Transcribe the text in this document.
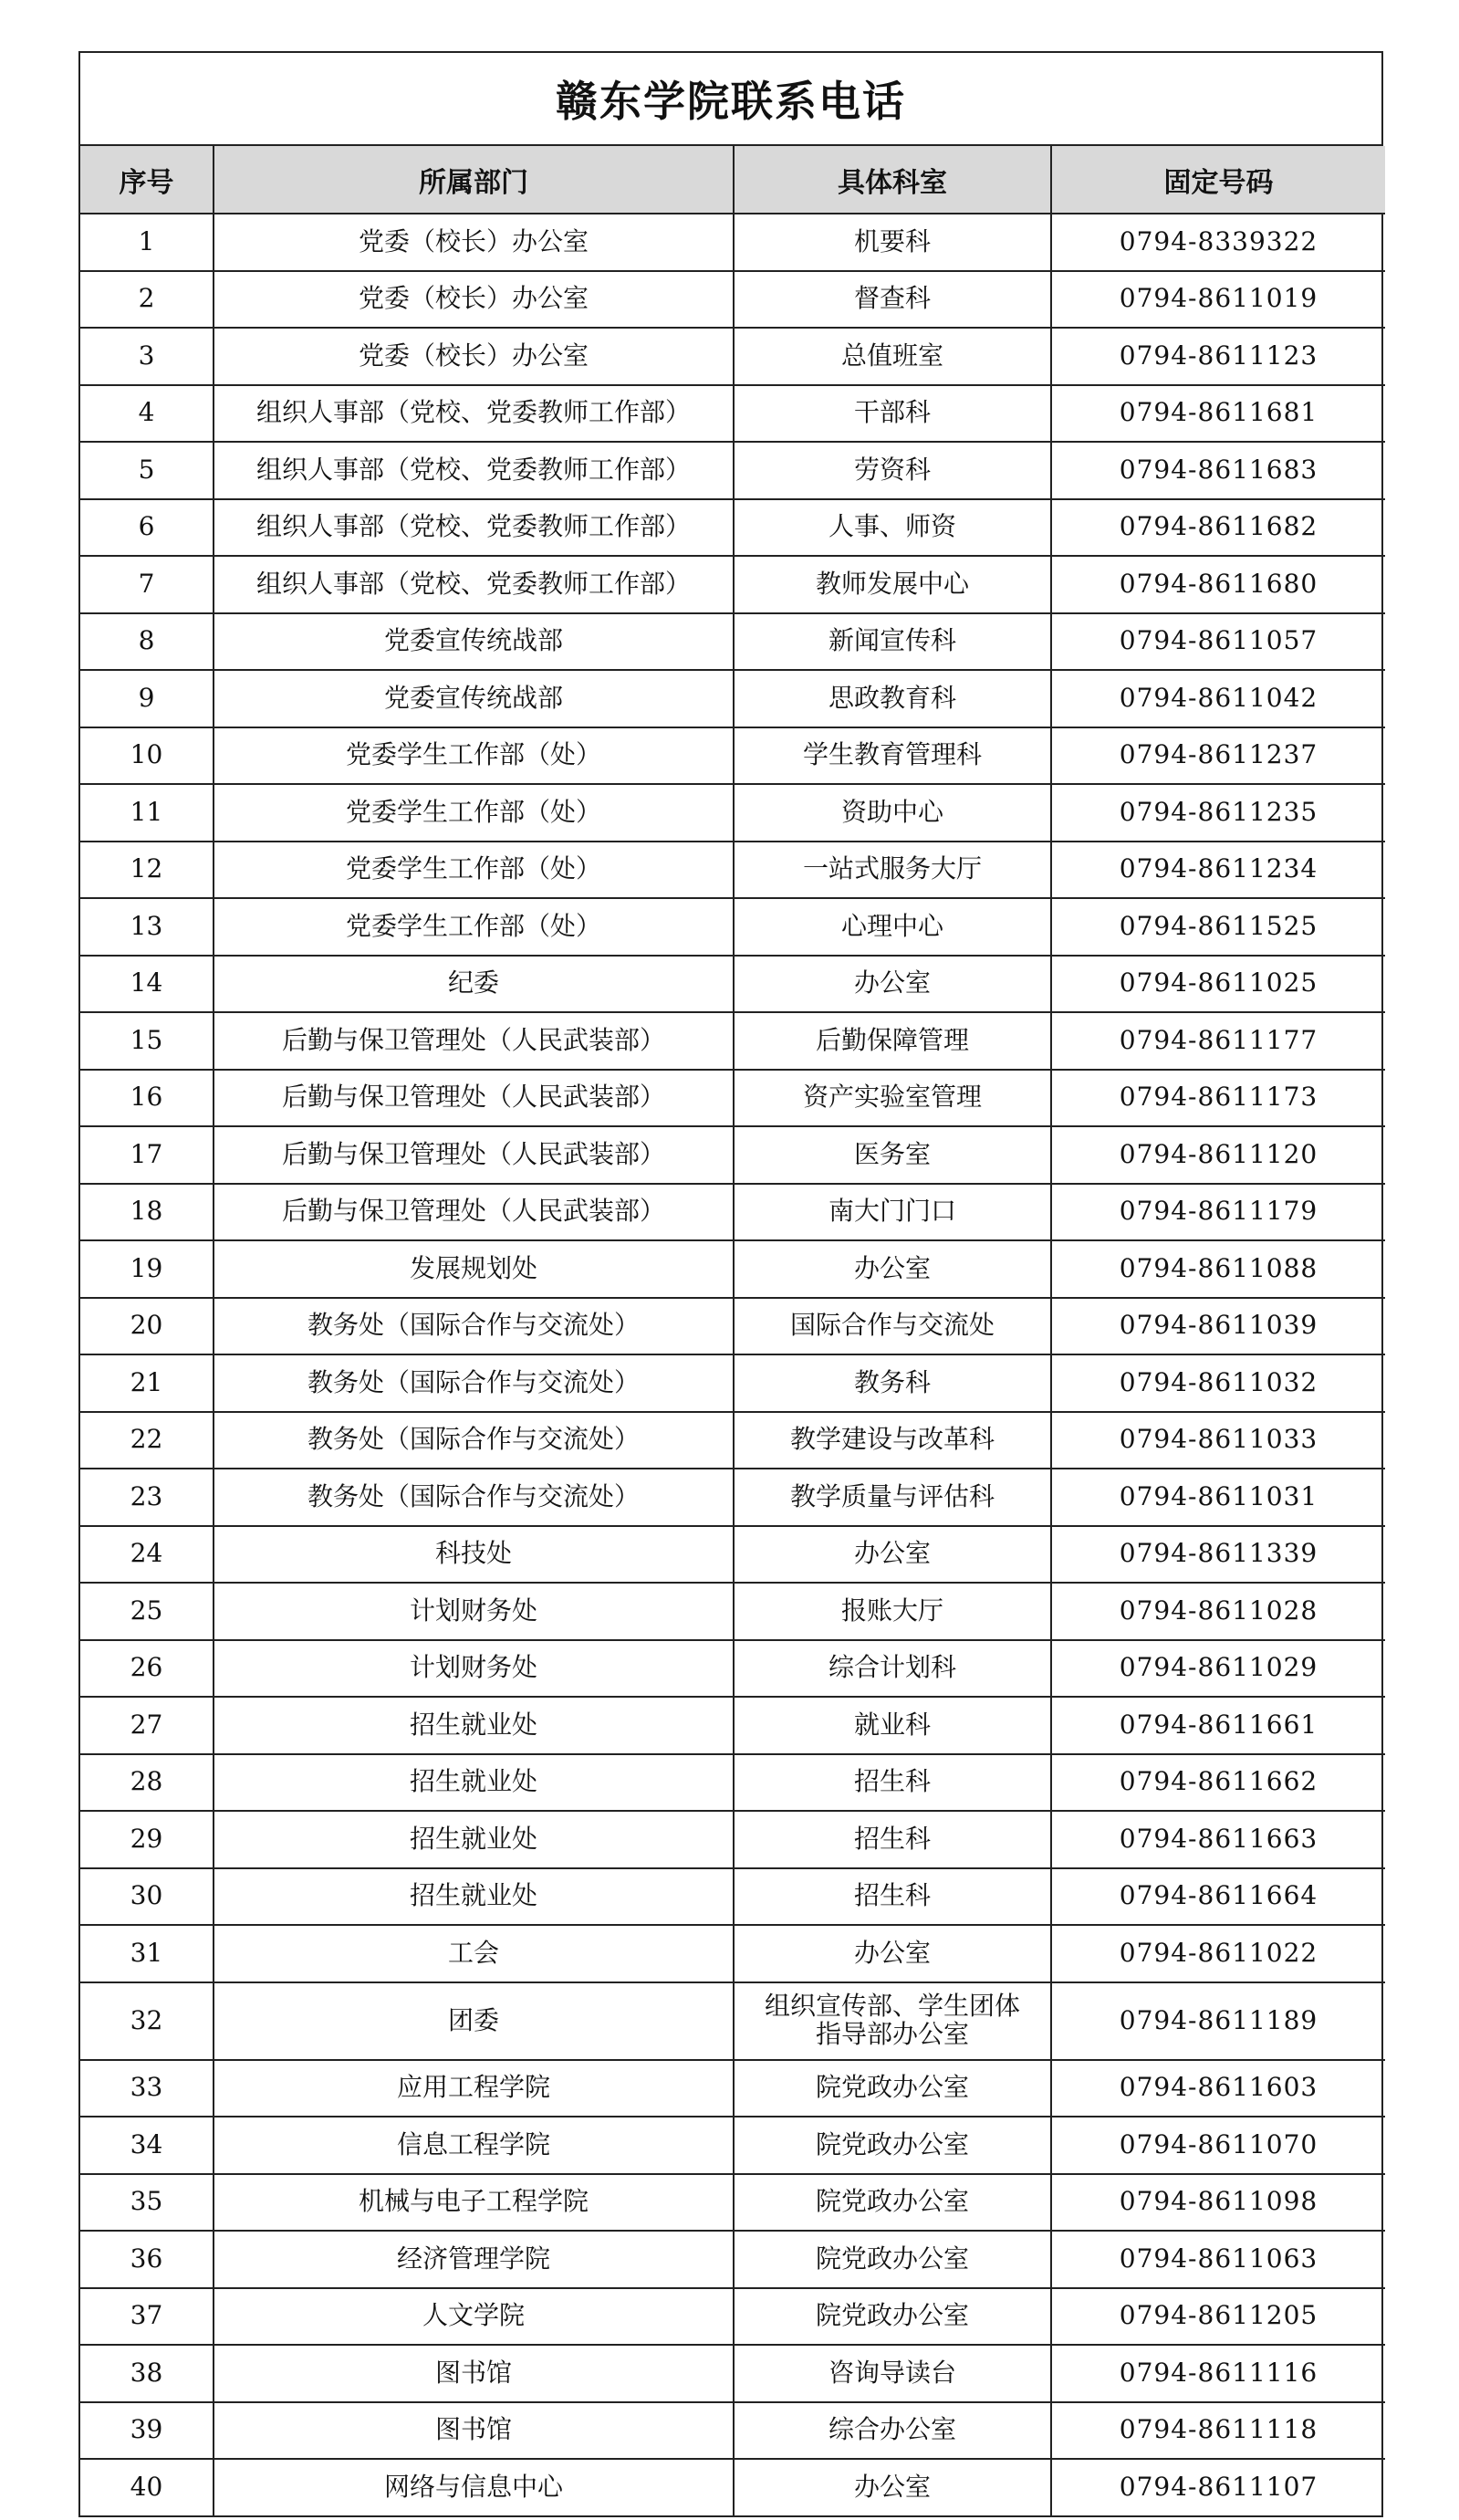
赣东学院联系电话
序号	所属部门	具体科室	固定号码
1	党委（校长）办公室	机要科	0794-8339322
2	党委（校长）办公室	督查科	0794-8611019
3	党委（校长）办公室	总值班室	0794-8611123
4	组织人事部（党校、党委教师工作部）	干部科	0794-8611681
5	组织人事部（党校、党委教师工作部）	劳资科	0794-8611683
6	组织人事部（党校、党委教师工作部）	人事、师资	0794-8611682
7	组织人事部（党校、党委教师工作部）	教师发展中心	0794-8611680
8	党委宣传统战部	新闻宣传科	0794-8611057
9	党委宣传统战部	思政教育科	0794-8611042
10	党委学生工作部（处）	学生教育管理科	0794-8611237
11	党委学生工作部（处）	资助中心	0794-8611235
12	党委学生工作部（处）	一站式服务大厅	0794-8611234
13	党委学生工作部（处）	心理中心	0794-8611525
14	纪委	办公室	0794-8611025
15	后勤与保卫管理处（人民武装部）	后勤保障管理	0794-8611177
16	后勤与保卫管理处（人民武装部）	资产实验室管理	0794-8611173
17	后勤与保卫管理处（人民武装部）	医务室	0794-8611120
18	后勤与保卫管理处（人民武装部）	南大门门口	0794-8611179
19	发展规划处	办公室	0794-8611088
20	教务处（国际合作与交流处）	国际合作与交流处	0794-8611039
21	教务处（国际合作与交流处）	教务科	0794-8611032
22	教务处（国际合作与交流处）	教学建设与改革科	0794-8611033
23	教务处（国际合作与交流处）	教学质量与评估科	0794-8611031
24	科技处	办公室	0794-8611339
25	计划财务处	报账大厅	0794-8611028
26	计划财务处	综合计划科	0794-8611029
27	招生就业处	就业科	0794-8611661
28	招生就业处	招生科	0794-8611662
29	招生就业处	招生科	0794-8611663
30	招生就业处	招生科	0794-8611664
31	工会	办公室	0794-8611022
32	团委	组织宣传部、学生团体指导部办公室	0794-8611189
33	应用工程学院	院党政办公室	0794-8611603
34	信息工程学院	院党政办公室	0794-8611070
35	机械与电子工程学院	院党政办公室	0794-8611098
36	经济管理学院	院党政办公室	0794-8611063
37	人文学院	院党政办公室	0794-8611205
38	图书馆	咨询导读台	0794-8611116
39	图书馆	综合办公室	0794-8611118
40	网络与信息中心	办公室	0794-8611107
